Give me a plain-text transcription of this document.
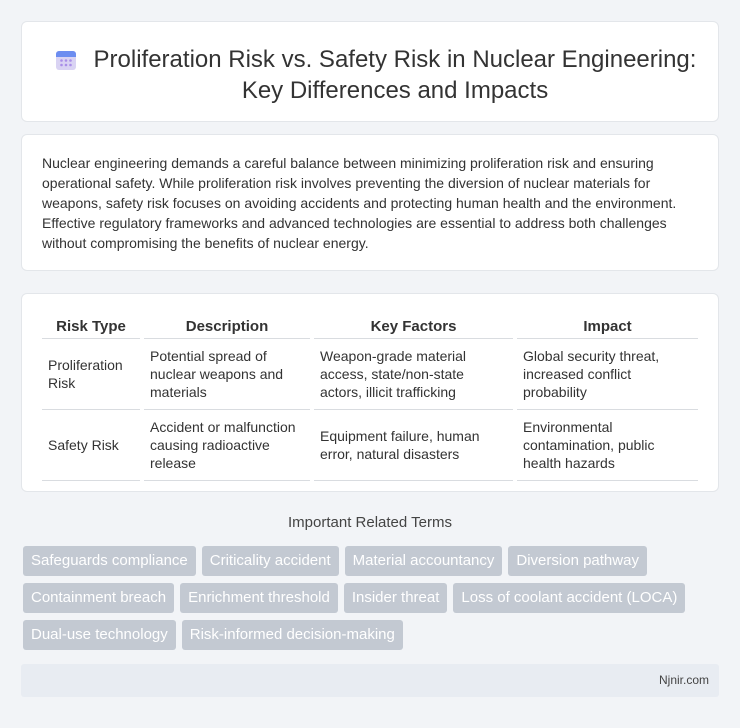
Proliferation Risk vs. Safety Risk in Nuclear Engineering: Key Differences and Impacts

Nuclear engineering demands a careful balance between minimizing proliferation risk and ensuring operational safety. While proliferation risk involves preventing the diversion of nuclear materials for weapons, safety risk focuses on avoiding accidents and protecting human health and the environment. Effective regulatory frameworks and advanced technologies are essential to address both challenges without compromising the benefits of nuclear energy.

Risk Type	Description	Key Factors	Impact
Proliferation Risk	Potential spread of nuclear weapons and materials	Weapon-grade material access, state/non-state actors, illicit trafficking	Global security threat, increased conflict probability
Safety Risk	Accident or malfunction causing radioactive release	Equipment failure, human error, natural disasters	Environmental contamination, public health hazards
Important Related Terms
Safeguards compliance	Criticality accident	Material accountancy	Diversion pathway
Containment breach	Enrichment threshold	Insider threat	Loss of coolant accident (LOCA)
Dual-use technology	Risk-informed decision-making
Njnir.com
